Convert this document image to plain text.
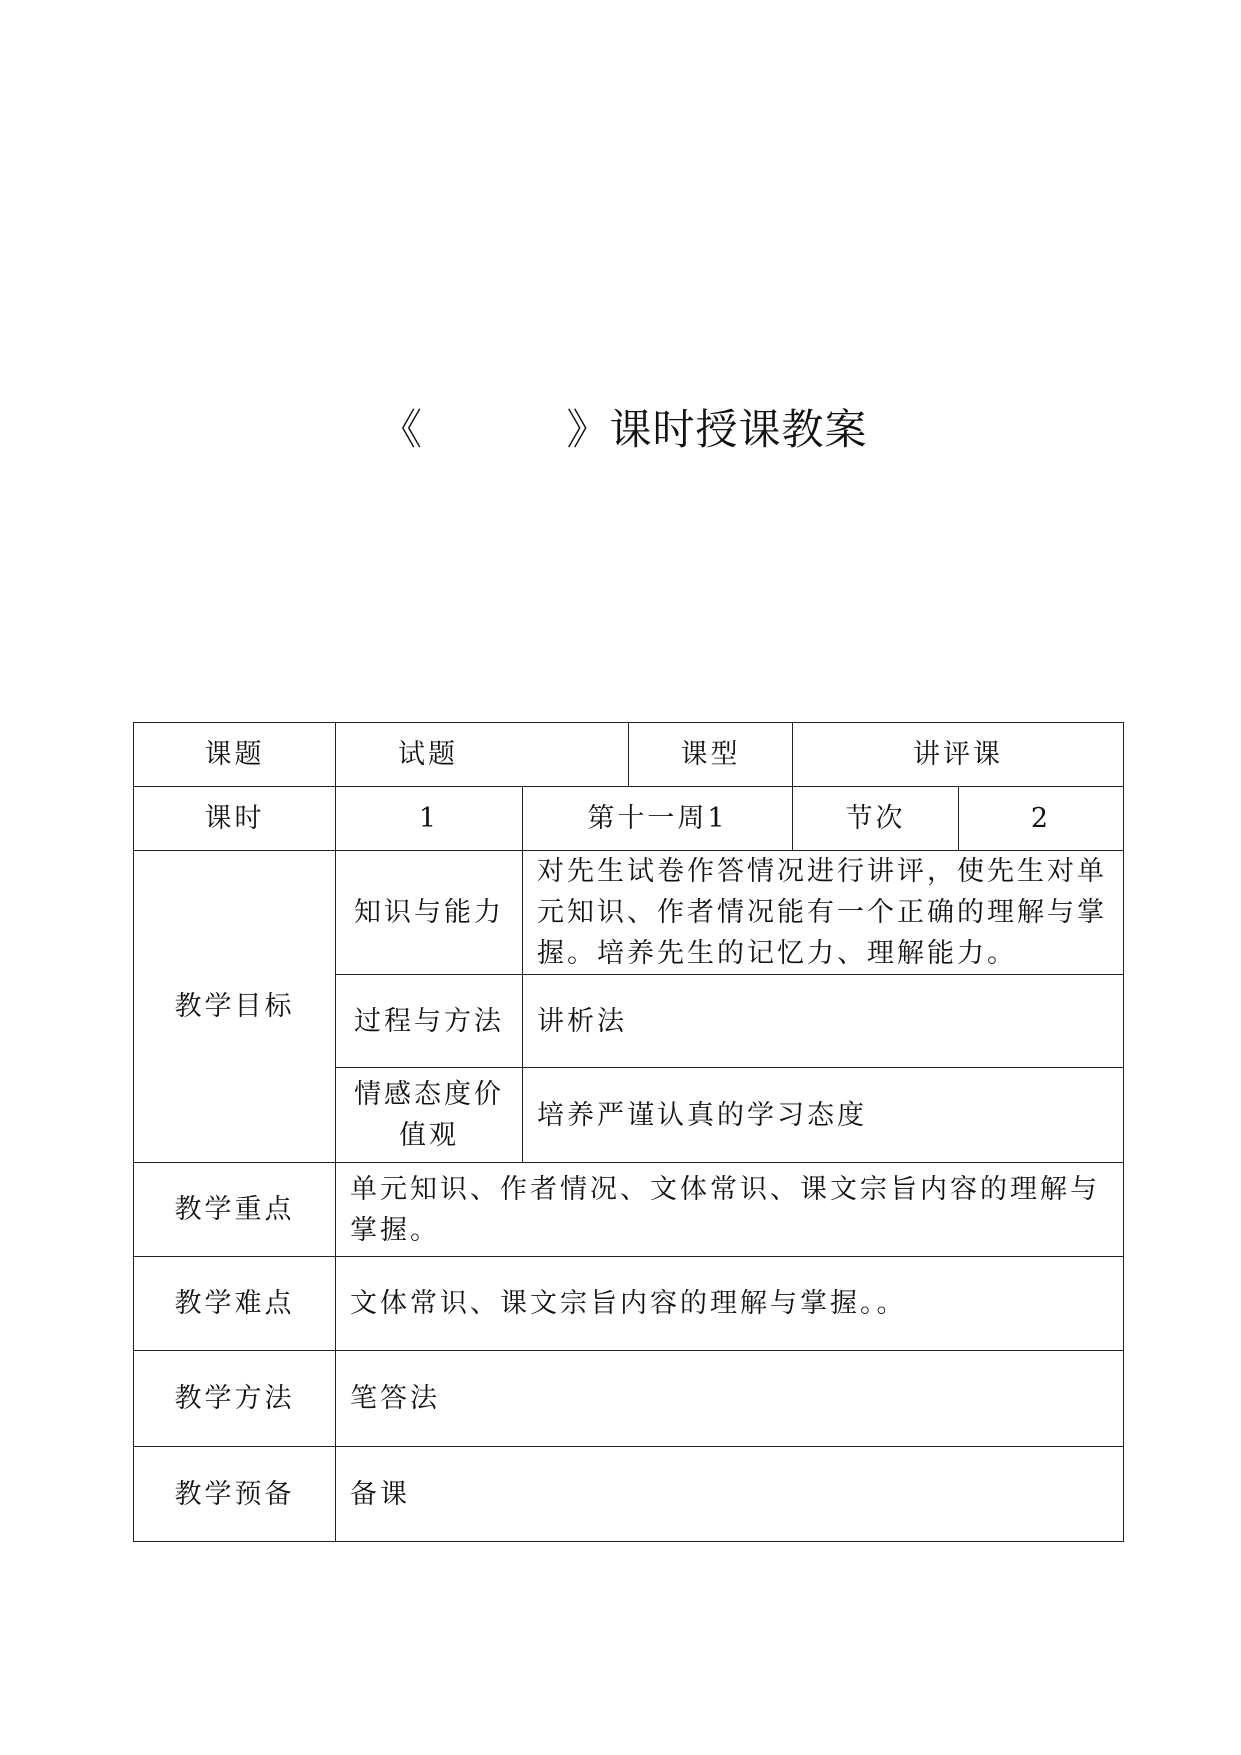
《          》课时授课教案
课题	试题		课型	讲评课	
课时	1	第十一周1		节次	2
教学目标	知识与能力	对先生试卷作答情况进行讲评，使先生对单元知识、作者情况能有一个正确的理解与掌握。培养先生的记忆力、理解能力。			
	过程与方法	讲析法			
	情感态度价值观	培养严谨认真的学习态度			
教学重点	单元知识、作者情况、文体常识、课文宗旨内容的理解与掌握。				
教学难点	文体常识、课文宗旨内容的理解与掌握。。				
教学方法	笔答法				
教学预备	备课				
